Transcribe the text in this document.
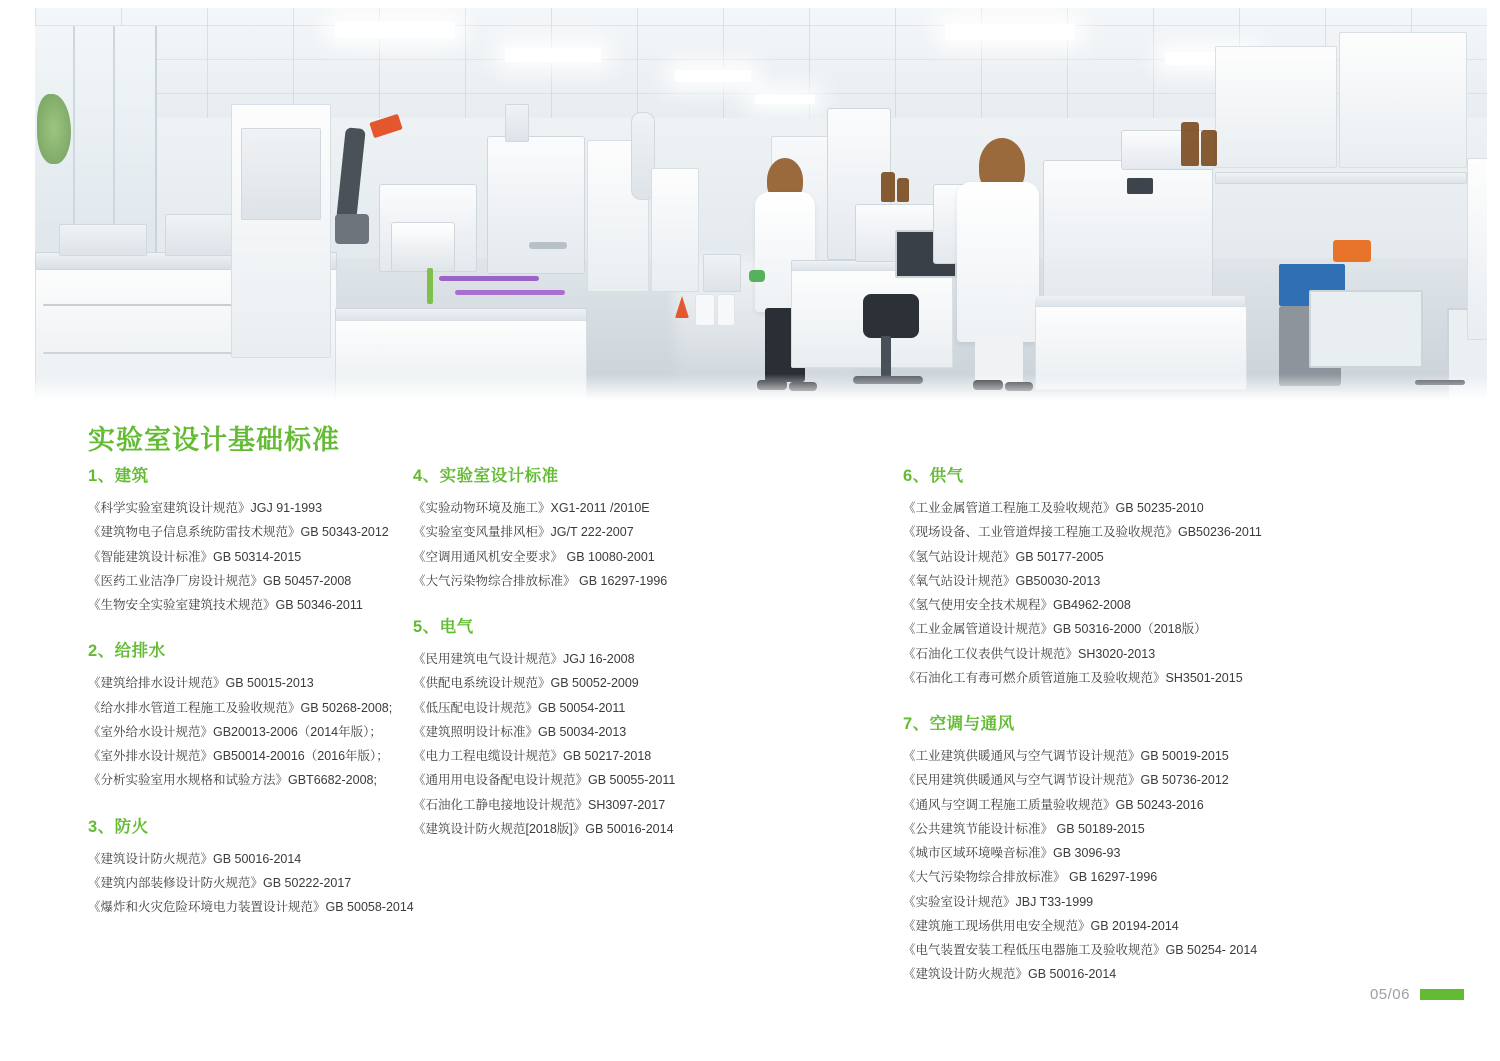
实验室设计基础标准
1、建筑
《科学实验室建筑设计规范》JGJ 91-1993
《建筑物电子信息系统防雷技术规范》GB 50343-2012
《智能建筑设计标准》GB 50314-2015
《医药工业洁净厂房设计规范》GB 50457-2008
《生物安全实验室建筑技术规范》GB 50346-2011
2、给排水
《建筑给排水设计规范》GB 50015-2013
《给水排水管道工程施工及验收规范》GB 50268-2008;
《室外给水设计规范》GB20013-2006（2014年版）；
《室外排水设计规范》GB50014-20016（2016年版）；
《分析实验室用水规格和试验方法》GBT6682-2008;
3、防火
《建筑设计防火规范》GB 50016-2014
《建筑内部装修设计防火规范》GB 50222-2017
《爆炸和火灾危险环境电力装置设计规范》GB 50058-2014
4、实验室设计标准
《实验动物环境及施工》XG1-2011 /2010E
《实验室变风量排风柜》JG/T 222-2007
《空调用通风机安全要求》 GB 10080-2001
《大气污染物综合排放标准》 GB 16297-1996
5、电气
《民用建筑电气设计规范》JGJ 16-2008
《供配电系统设计规范》GB 50052-2009
《低压配电设计规范》GB 50054-2011
《建筑照明设计标准》GB 50034-2013
《电力工程电缆设计规范》GB 50217-2018
《通用用电设备配电设计规范》GB 50055-2011
《石油化工静电接地设计规范》SH3097-2017
《建筑设计防火规范[2018版]》GB 50016-2014
6、供气
《工业金属管道工程施工及验收规范》GB 50235-2010
《现场设备、工业管道焊接工程施工及验收规范》GB50236-2011
《氢气站设计规范》GB 50177-2005
《氧气站设计规范》GB50030-2013
《氢气使用安全技术规程》GB4962-2008
《工业金属管道设计规范》GB 50316-2000（2018版）
《石油化工仪表供气设计规范》SH3020-2013
《石油化工有毒可燃介质管道施工及验收规范》SH3501-2015
7、空调与通风
《工业建筑供暖通风与空气调节设计规范》GB 50019-2015
《民用建筑供暖通风与空气调节设计规范》GB 50736-2012
《通风与空调工程施工质量验收规范》GB 50243-2016
《公共建筑节能设计标准》 GB 50189-2015
《城市区域环境噪音标准》GB 3096-93
《大气污染物综合排放标准》 GB 16297-1996
《实验室设计规范》JBJ T33-1999
《建筑施工现场供用电安全规范》GB 20194-2014
《电气装置安装工程低压电器施工及验收规范》GB 50254- 2014
《建筑设计防火规范》GB 50016-2014
05/06
